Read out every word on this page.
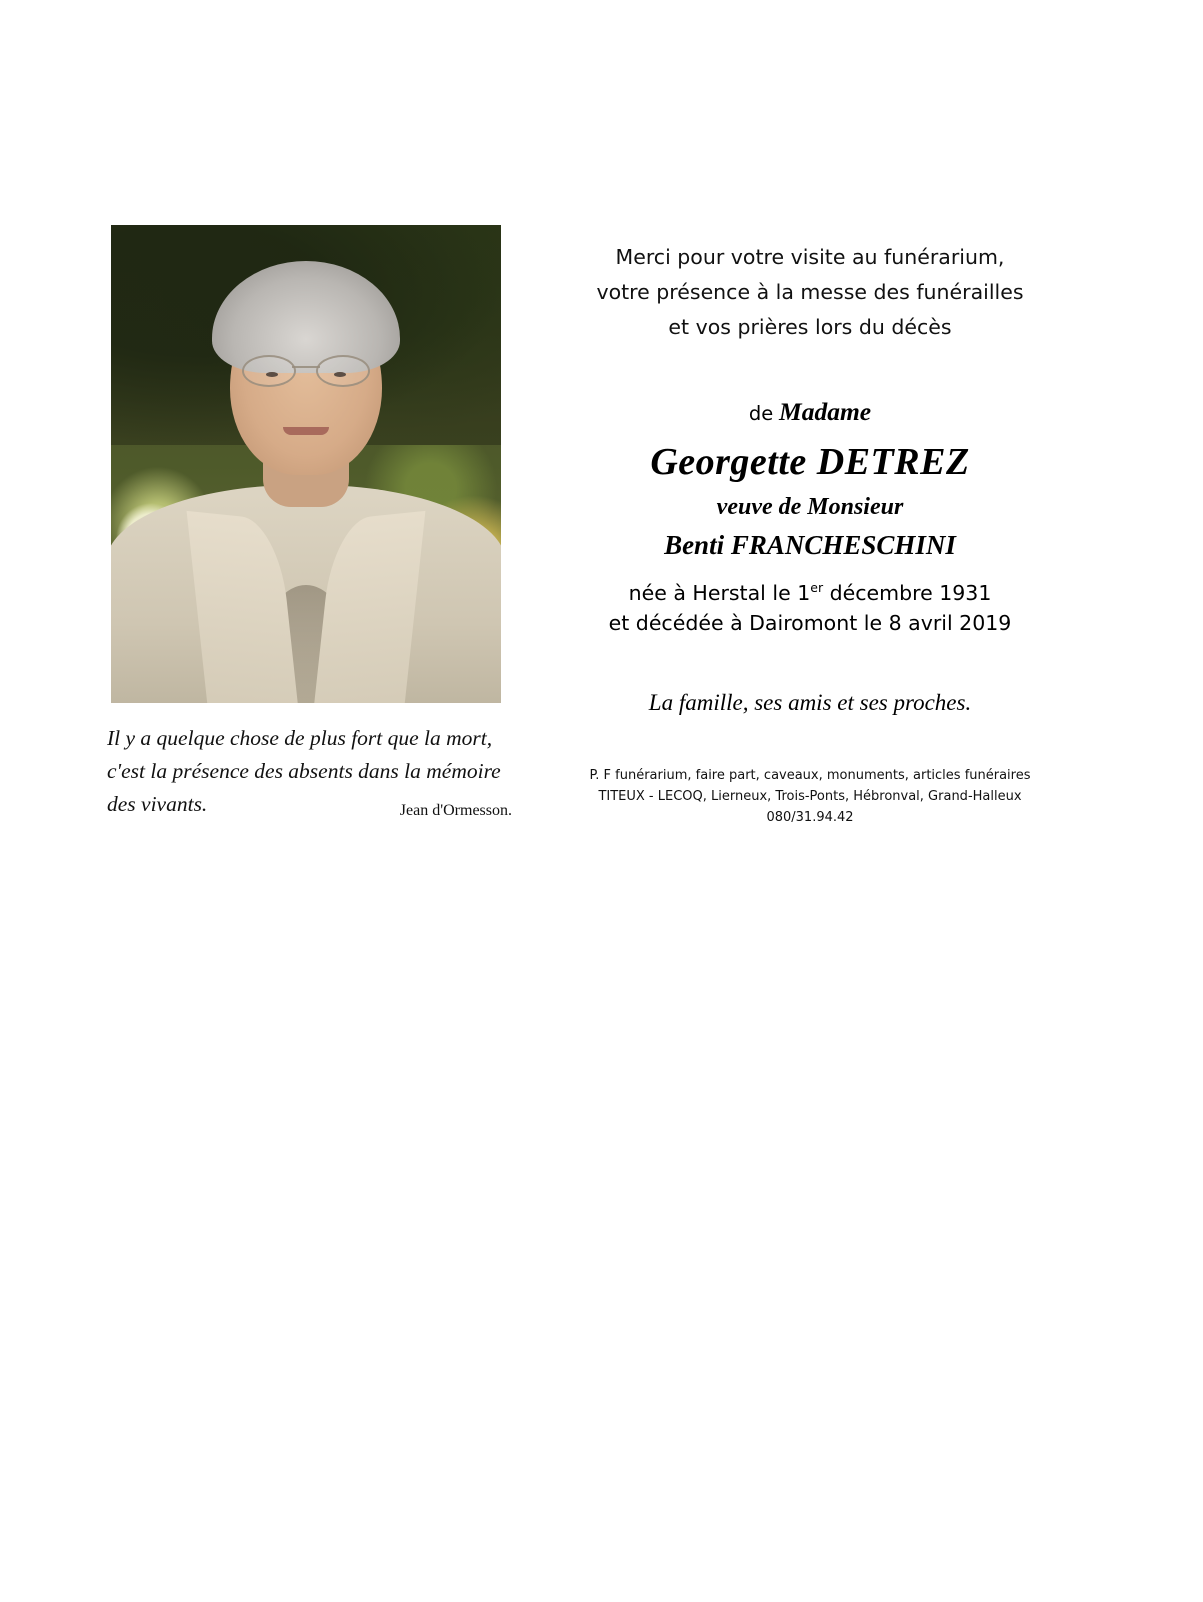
Il y a quelque chose de plus fort que la mort,
c'est la présence des absents dans la mémoire
des vivants.	Jean d'Ormesson.
Merci pour votre visite au funérarium,
votre présence à la messe des funérailles
et vos prières lors du décès
de Madame
Georgette DETREZ
veuve de Monsieur
Benti FRANCHESCHINI
née à Herstal le 1er décembre 1931
et décédée à Dairomont le 8 avril 2019
La famille, ses amis et ses proches.
P. F funérarium, faire part, caveaux, monuments, articles funéraires
TITEUX - LECOQ, Lierneux, Trois-Ponts, Hébronval, Grand-Halleux 080/31.94.42
